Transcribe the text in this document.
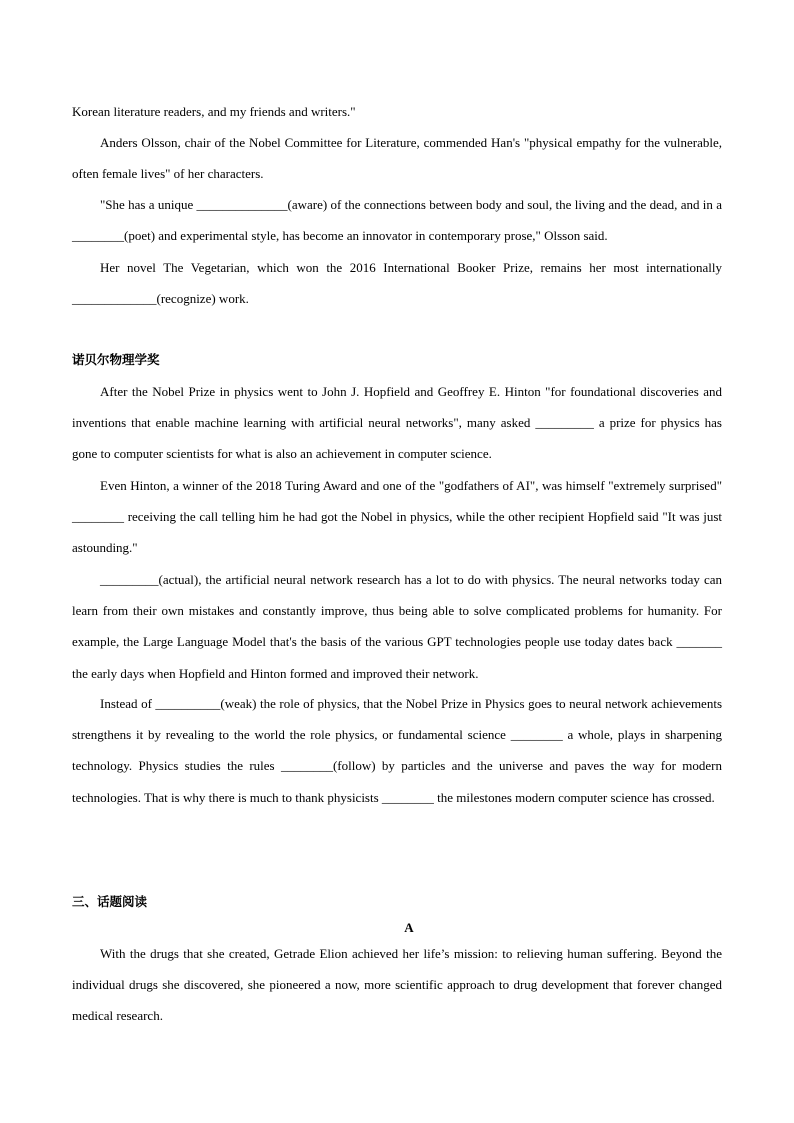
Korean literature readers, and my friends and writers."

Anders Olsson, chair of the Nobel Committee for Literature, commended Han's "physical empathy for the vulnerable, often female lives" of her characters.

"She has a unique ______________(aware) of the connections between body and soul, the living and the dead, and in a ________(poet) and experimental style, has become an innovator in contemporary prose," Olsson said.

Her novel The Vegetarian, which won the 2016 International Booker Prize, remains her most internationally _____________(recognize) work.

诺贝尔物理学奖

After the Nobel Prize in physics went to John J. Hopfield and Geoffrey E. Hinton "for foundational discoveries and inventions that enable machine learning with artificial neural networks", many asked _________ a prize for physics has gone to computer scientists for what is also an achievement in computer science.

Even Hinton, a winner of the 2018 Turing Award and one of the "godfathers of AI", was himself "extremely surprised" ________ receiving the call telling him he had got the Nobel in physics, while the other recipient Hopfield said "It was just astounding."

_________(actual), the artificial neural network research has a lot to do with physics. The neural networks today can learn from their own mistakes and constantly improve, thus being able to solve complicated problems for humanity. For example, the Large Language Model that's the basis of the various GPT technologies people use today dates back _______ the early days when Hopfield and Hinton formed and improved their network.

Instead of __________(weak) the role of physics, that the Nobel Prize in Physics goes to neural network achievements strengthens it by revealing to the world the role physics, or fundamental science ________ a whole, plays in sharpening technology. Physics studies the rules ________(follow) by particles and the universe and paves the way for modern technologies. That is why there is much to thank physicists ________ the milestones modern computer science has crossed.

三、话题阅读
A

With the drugs that she created, Getrade Elion achieved her life’s mission: to relieving human suffering. Beyond the individual drugs she discovered, she pioneered a now, more scientific approach to drug development that forever changed medical research.
